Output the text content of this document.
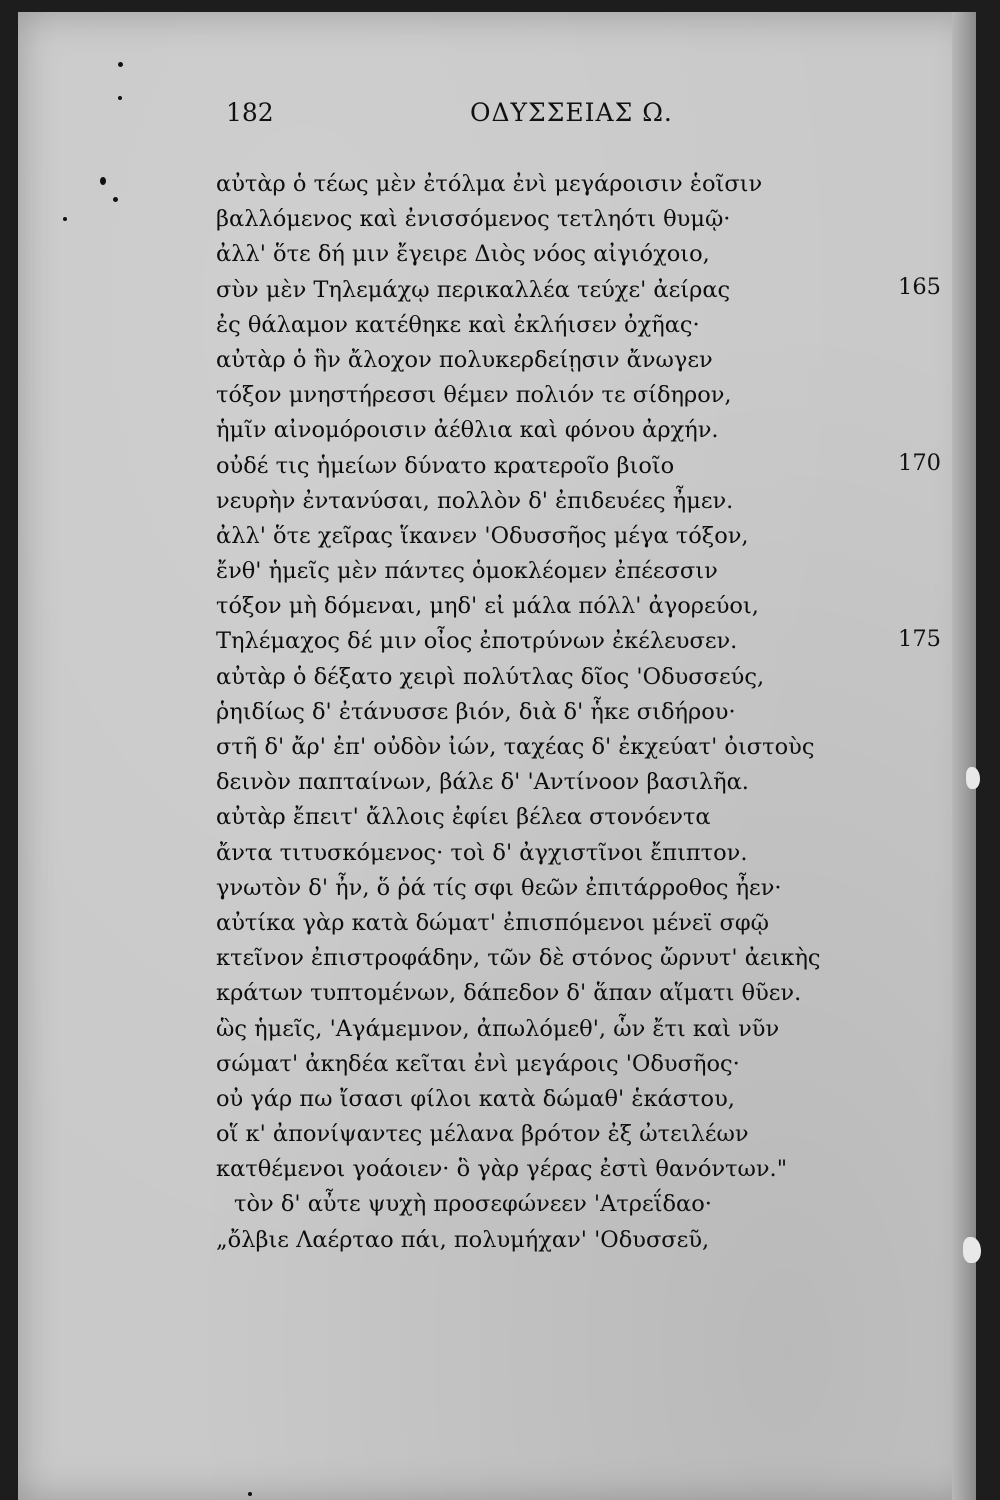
182	ΟΔΥΣΣΕΙΑΣ Ω.
αὐτὰρ ὁ τέως μὲν ἐτόλμα ἐνὶ μεγάροισιν ἑοῖσιν
βαλλόμενος καὶ ἐνισσόμενος τετληότι θυμῷ·
ἀλλ' ὅτε δή μιν ἔγειρε Διὸς νόος αἰγιόχοιο,
σὺν μὲν Τηλεμάχῳ περικαλλέα τεύχε' ἀείρας
ἐς θάλαμον κατέθηκε καὶ ἐκλήισεν ὀχῆας·
αὐτὰρ ὁ ἣν ἄλοχον πολυκερδείῃσιν ἄνωγεν
τόξον μνηστήρεσσι θέμεν πολιόν τε σίδηρον,
ἡμῖν αἰνομόροισιν ἀέθλια καὶ φόνου ἀρχήν.
οὐδέ τις ἡμείων δύνατο κρατεροῖο βιοῖο
νευρὴν ἐντανύσαι, πολλὸν δ' ἐπιδευέες ἦμεν.
ἀλλ' ὅτε χεῖρας ἵκανεν 'Οδυσσῆος μέγα τόξον,
ἔνθ' ἡμεῖς μὲν πάντες ὁμοκλέομεν ἐπέεσσιν
τόξον μὴ δόμεναι, μηδ' εἰ μάλα πόλλ' ἀγορεύοι,
Τηλέμαχος δέ μιν οἶος ἐποτρύνων ἐκέλευσεν.
αὐτὰρ ὁ δέξατο χειρὶ πολύτλας δῖος 'Οδυσσεύς,
ῥηιδίως δ' ἐτάνυσσε βιόν, διὰ δ' ἧκε σιδήρου·
στῆ δ' ἄρ' ἐπ' οὐδὸν ἰών, ταχέας δ' ἐκχεύατ' ὀιστοὺς
δεινὸν παπταίνων, βάλε δ' 'Αντίνοον βασιλῆα.
αὐτὰρ ἔπειτ' ἄλλοις ἐφίει βέλεα στονόεντα
ἄντα τιτυσκόμενος· τοὶ δ' ἀγχιστῖνοι ἔπιπτον.
γνωτὸν δ' ἦν, ὅ ῥά τίς σφι θεῶν ἐπιτάρροθος ἦεν·
αὐτίκα γὰρ κατὰ δώματ' ἐπισπόμενοι μένεϊ σφῷ
κτεῖνον ἐπιστροφάδην, τῶν δὲ στόνος ὤρνυτ' ἀεικὴς
κράτων τυπτομένων, δάπεδον δ' ἅπαν αἵματι θῦεν.
ὣς ἡμεῖς, 'Αγάμεμνον, ἀπωλόμεθ', ὧν ἔτι καὶ νῦν
σώματ' ἀκηδέα κεῖται ἐνὶ μεγάροις 'Οδυσῆος·
οὐ γάρ πω ἴσασι φίλοι κατὰ δώμαθ' ἑκάστου,
οἵ κ' ἀπονίψαντες μέλανα βρότον ἐξ ὠτειλέων
κατθέμενοι γοάοιεν· ὃ γὰρ γέρας ἐστὶ θανόντων."
τὸν δ' αὖτε ψυχὴ προσεφώνεεν 'Ατρεΐδαο·
„ὄλβιε Λαέρταο πάι, πολυμήχαν' 'Οδυσσεῦ,
165
170
175
